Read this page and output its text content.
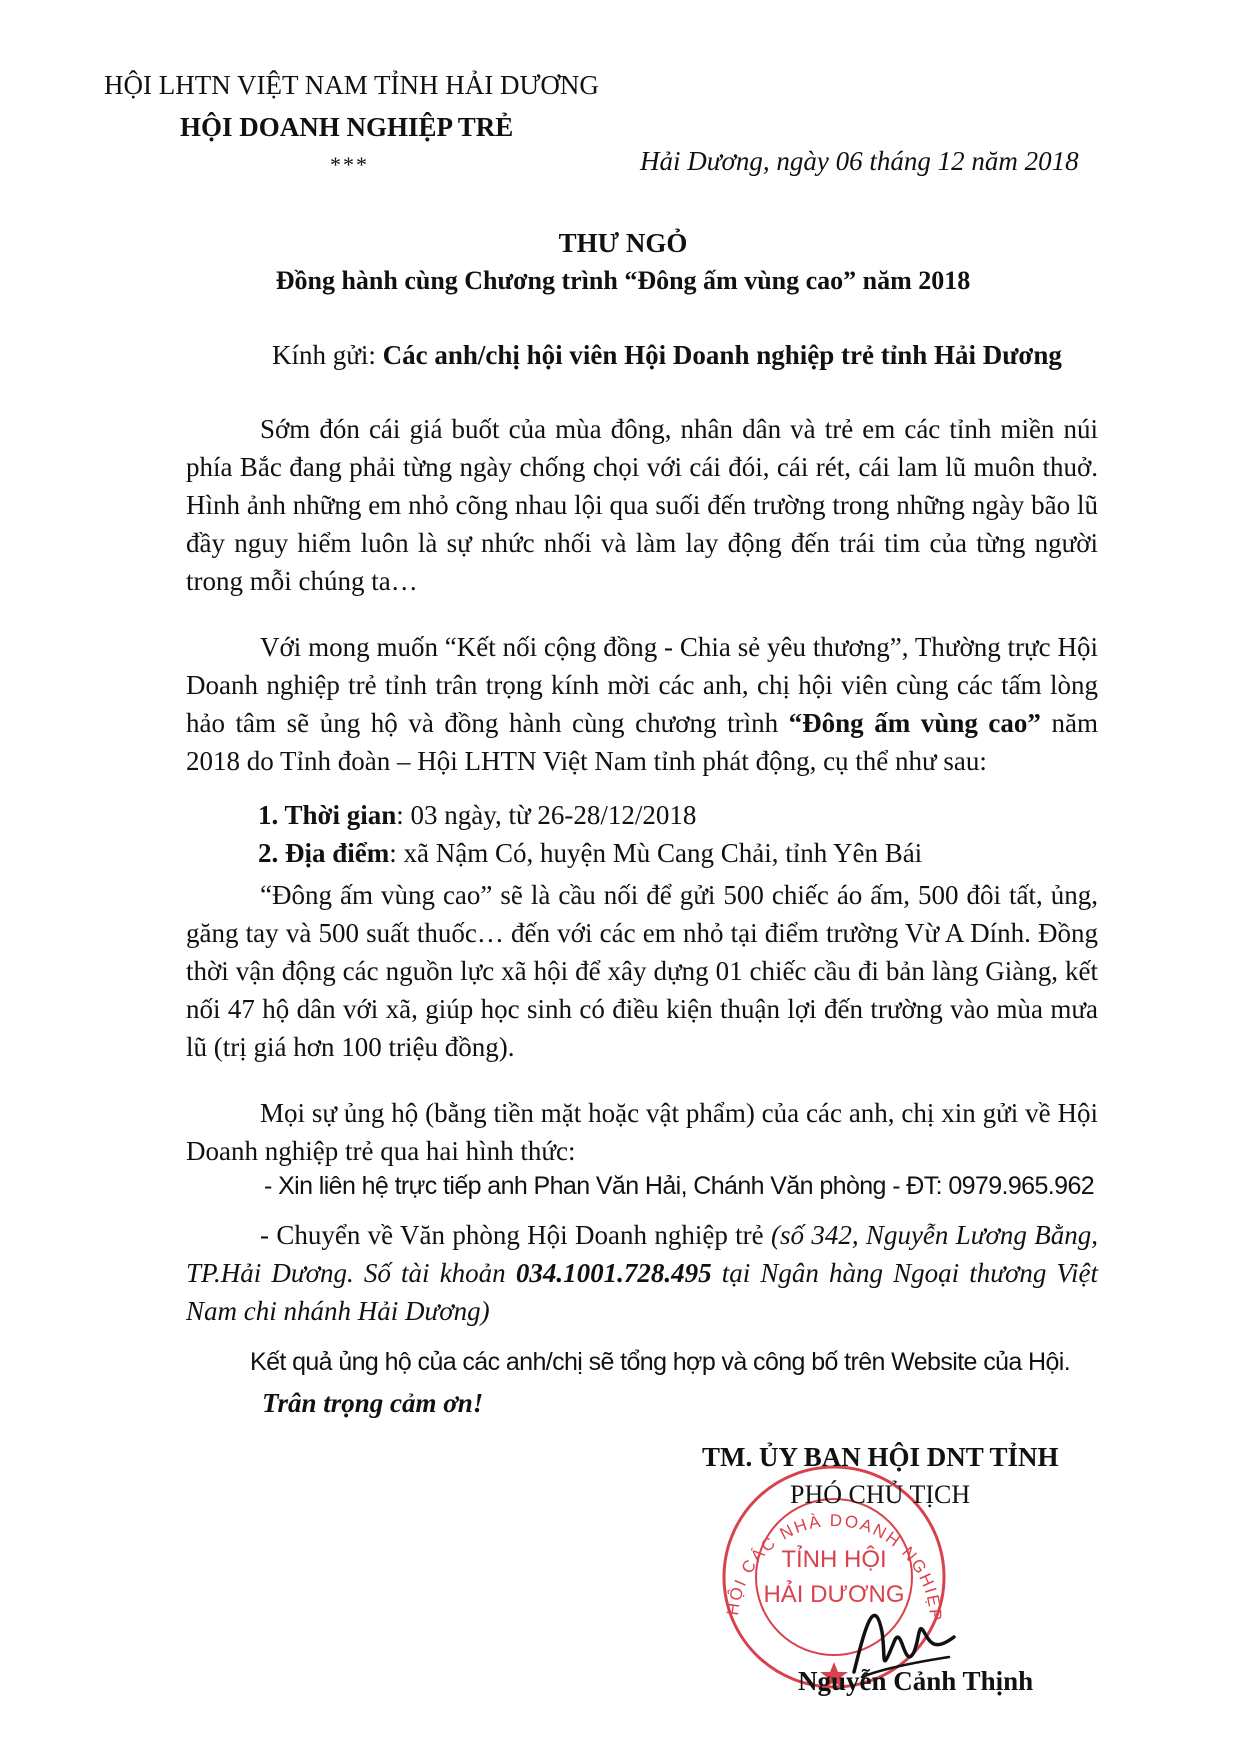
HỘI LHTN VIỆT NAM TỈNH HẢI DƯƠNG
HỘI DOANH NGHIỆP TRẺ
***	Hải Dương, ngày 06 tháng 12 năm 2018
THƯ NGỎ
Đồng hành cùng Chương trình “Đông ấm vùng cao” năm 2018
Kính gửi: Các anh/chị hội viên Hội Doanh nghiệp trẻ tỉnh Hải Dương
Sớm đón cái giá buốt của mùa đông, nhân dân và trẻ em các tỉnh miền núi phía Bắc đang phải từng ngày chống chọi với cái đói, cái rét, cái lam lũ muôn thuở. Hình ảnh những em nhỏ cõng nhau lội qua suối đến trường trong những ngày bão lũ đầy nguy hiểm luôn là sự nhức nhối và làm lay động đến trái tim của từng người trong mỗi chúng ta…
Với mong muốn “Kết nối cộng đồng - Chia sẻ yêu thương”, Thường trực Hội Doanh nghiệp trẻ tỉnh trân trọng kính mời các anh, chị hội viên cùng các tấm lòng hảo tâm sẽ ủng hộ và đồng hành cùng chương trình “Đông ấm vùng cao” năm 2018 do Tỉnh đoàn – Hội LHTN Việt Nam tỉnh phát động, cụ thể như sau:
1. Thời gian: 03 ngày, từ 26-28/12/2018
2. Địa điểm: xã Nậm Có, huyện Mù Cang Chải, tỉnh Yên Bái
“Đông ấm vùng cao” sẽ là cầu nối để gửi 500 chiếc áo ấm, 500 đôi tất, ủng, găng tay và 500 suất thuốc… đến với các em nhỏ tại điểm trường Vừ A Dính. Đồng thời vận động các nguồn lực xã hội để xây dựng 01 chiếc cầu đi bản làng Giàng, kết nối 47 hộ dân với xã, giúp học sinh có điều kiện thuận lợi đến trường vào mùa mưa lũ (trị giá hơn 100 triệu đồng).
Mọi sự ủng hộ (bằng tiền mặt hoặc vật phẩm) của các anh, chị xin gửi về Hội Doanh nghiệp trẻ qua hai hình thức:
- Xin liên hệ trực tiếp anh Phan Văn Hải, Chánh Văn phòng - ĐT: 0979.965.962
- Chuyển về Văn phòng Hội Doanh nghiệp trẻ (số 342, Nguyễn Lương Bằng, TP.Hải Dương. Số tài khoản 034.1001.728.495 tại Ngân hàng Ngoại thương Việt Nam chi nhánh Hải Dương)
Kết quả ủng hộ của các anh/chị sẽ tổng hợp và công bố trên Website của Hội.
Trân trọng cảm ơn!
HỘI CÁC NHÀ DOANH NGHIỆP
TỈNH HỘI
HẢI DƯƠNG
TM. ỦY BAN HỘI DNT TỈNH
PHÓ CHỦ TỊCH
Nguyễn Cảnh Thịnh
